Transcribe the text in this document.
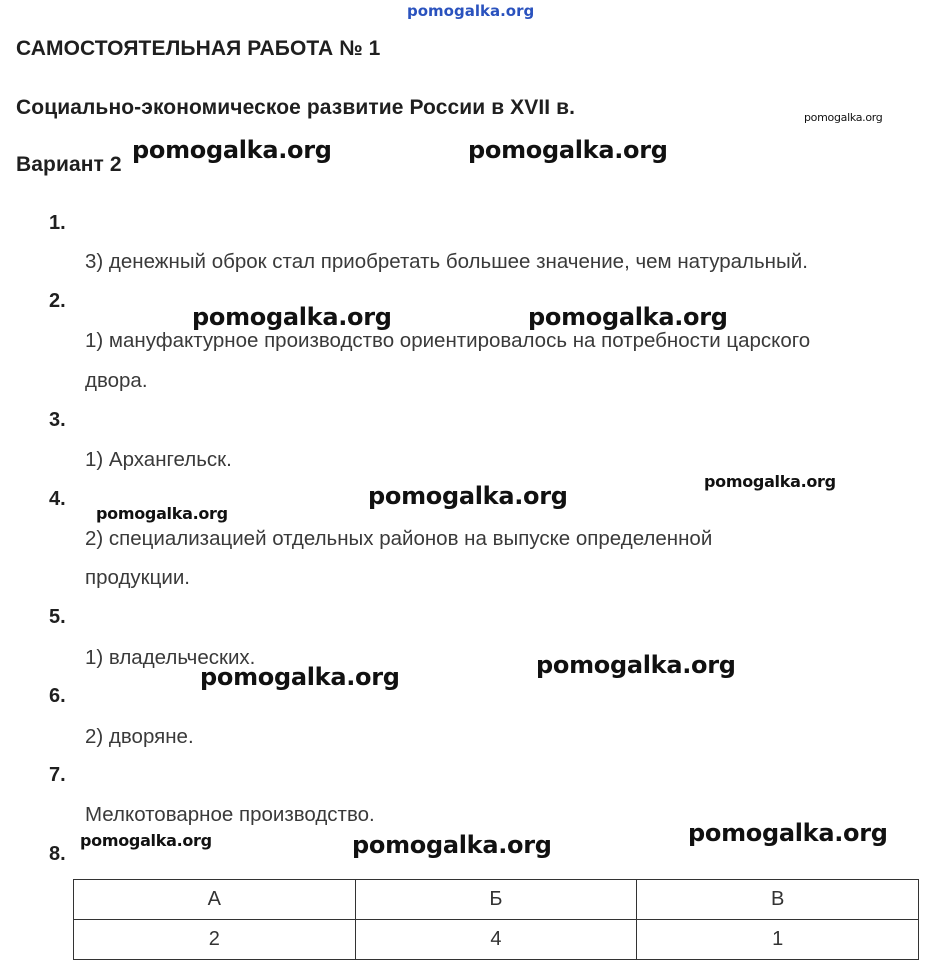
pomogalka.org
САМОСТОЯТЕЛЬНАЯ РАБОТА № 1
Социально-экономическое развитие России в XVII в.
Вариант 2
1.
3) денежный оброк стал приобретать большее значение, чем натуральный.
2.
1) мануфактурное производство ориентировалось на потребности царского
двора.
3.
1) Архангельск.
4.
2) специализацией отдельных районов на выпуске определенной
продукции.
5.
1) владельческих.
6.
2) дворяне.
7.
Мелкотоварное производство.
8.
А	Б	В
2	4	1
pomogalka.org
pomogalka.org	pomogalka.org
pomogalka.org	pomogalka.org
pomogalka.org
pomogalka.org
pomogalka.org
pomogalka.org
pomogalka.org
pomogalka.org
pomogalka.org	pomogalka.org
